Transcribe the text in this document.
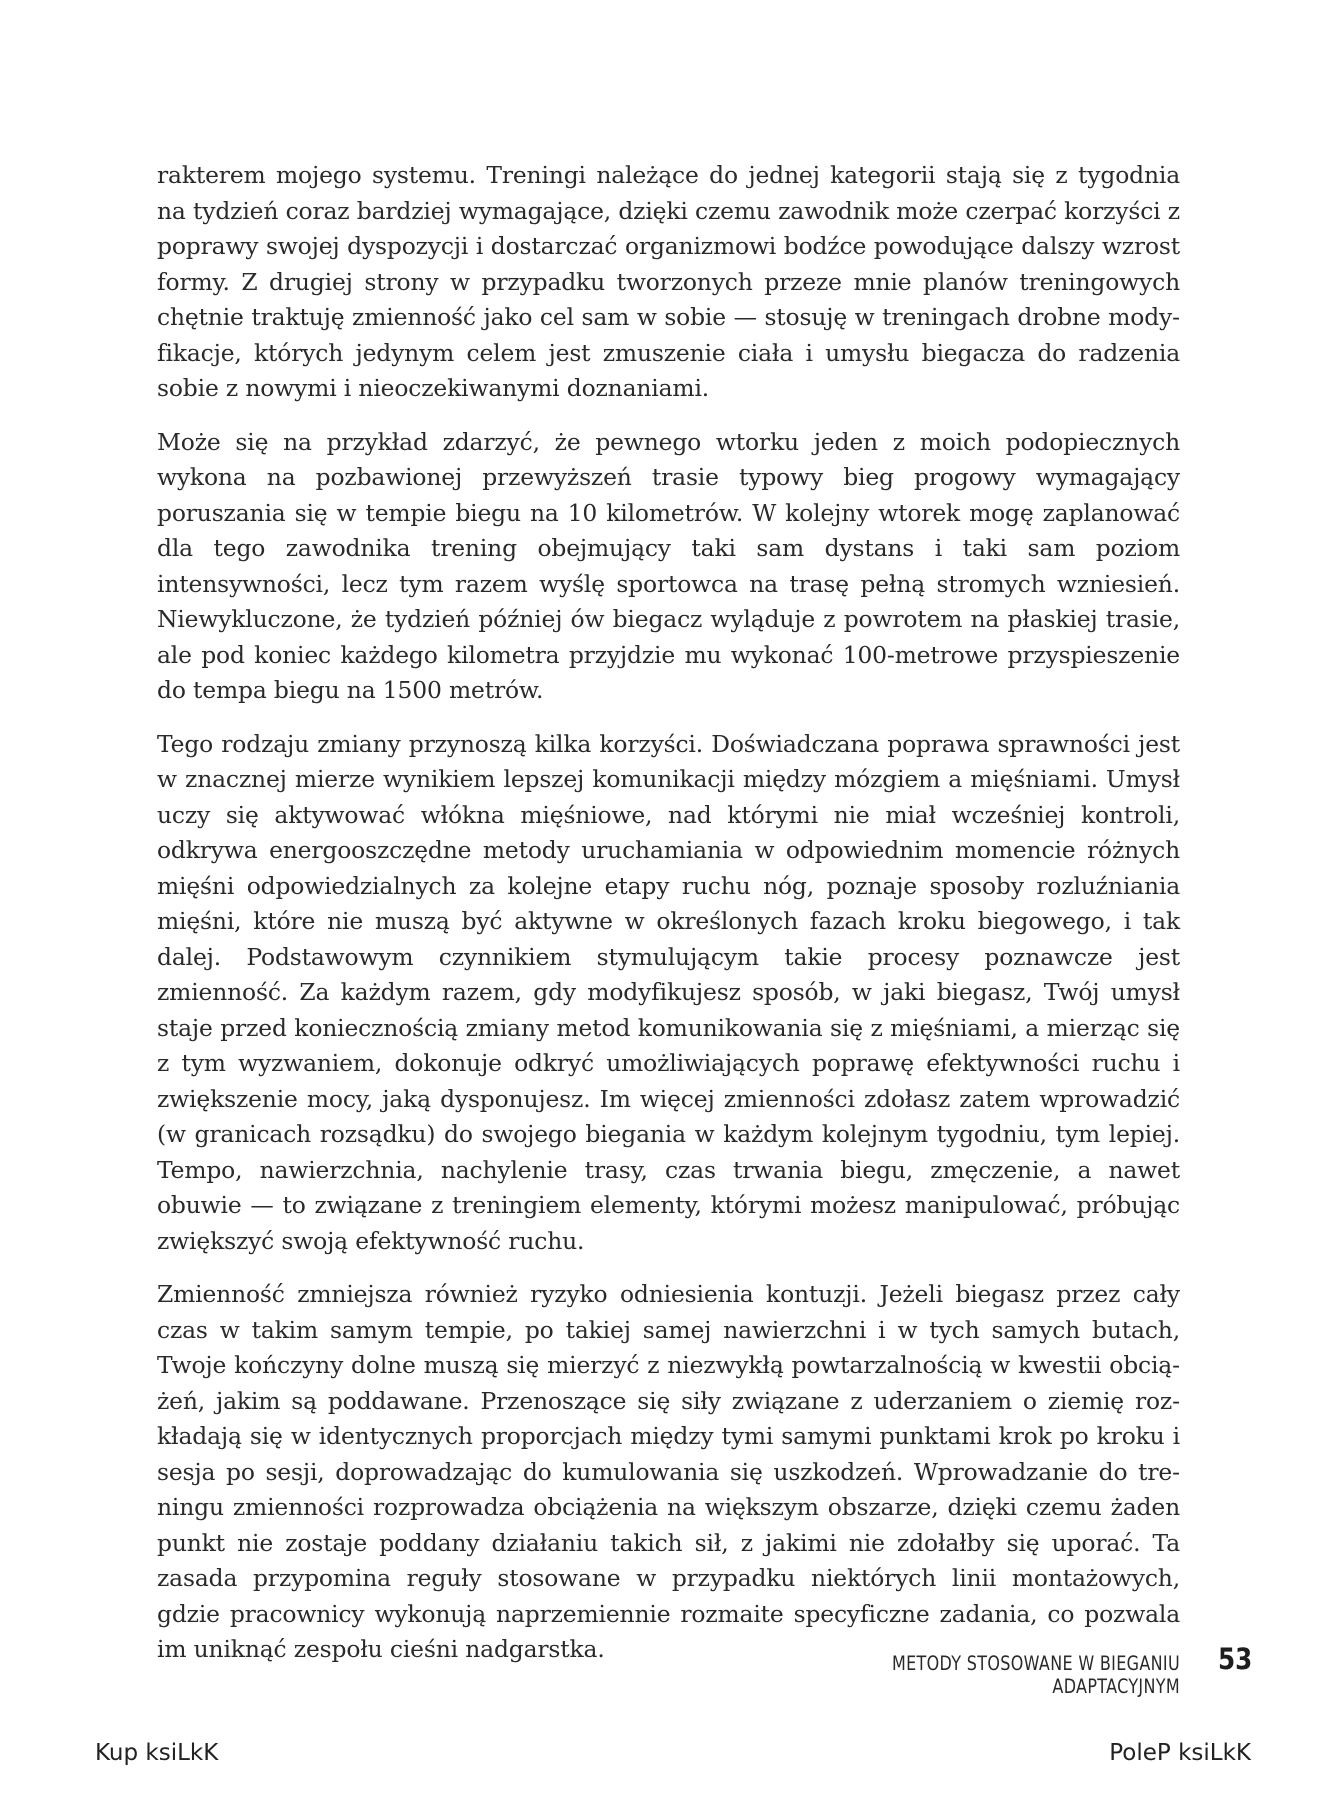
rakterem mojego systemu. Treningi należące do jednej kategorii stają się z tygodnia na tydzień coraz bardziej wymagające, dzięki czemu zawodnik może czerpać korzyści z poprawy swojej dyspozycji i dostarczać organizmowi bodźce powodujące dalszy wzrost formy. Z drugiej strony w przypadku tworzonych przeze mnie planów treningowych chętnie traktuję zmienność jako cel sam w sobie — stosuję w treningach drobne modyfikacje, których jedynym celem jest zmuszenie ciała i umysłu biegacza do radzenia sobie z nowymi i nieoczekiwanymi doznaniami.

Może się na przykład zdarzyć, że pewnego wtorku jeden z moich podopiecznych wykona na pozbawionej przewyższeń trasie typowy bieg progowy wymagający poruszania się w tempie biegu na 10 kilometrów. W kolejny wtorek mogę zaplanować dla tego zawodnika trening obejmujący taki sam dystans i taki sam poziom intensywności, lecz tym razem wyślę sportowca na trasę pełną stromych wzniesień. Niewykluczone, że tydzień później ów biegacz wyląduje z powrotem na płaskiej trasie, ale pod koniec każdego kilometra przyjdzie mu wykonać 100-metrowe przyspieszenie do tempa biegu na 1500 metrów.

Tego rodzaju zmiany przynoszą kilka korzyści. Doświadczana poprawa sprawności jest w znacznej mierze wynikiem lepszej komunikacji między mózgiem a mięśniami. Umysł uczy się aktywować włókna mięśniowe, nad którymi nie miał wcześniej kontroli, odkrywa energooszczędne metody uruchamiania w odpowiednim momencie różnych mięśni odpowiedzialnych za kolejne etapy ruchu nóg, poznaje sposoby rozluźniania mięśni, które nie muszą być aktywne w określonych fazach kroku biegowego, i tak dalej. Podstawowym czynnikiem stymulującym takie procesy poznawcze jest zmienność. Za każdym razem, gdy modyfikujesz sposób, w jaki biegasz, Twój umysł staje przed koniecznością zmiany metod komunikowania się z mięśniami, a mierząc się z tym wyzwaniem, dokonuje odkryć umożliwiających poprawę efektywności ruchu i zwiększenie mocy, jaką dysponujesz. Im więcej zmienności zdołasz zatem wprowadzić (w granicach rozsądku) do swojego biegania w każdym kolejnym tygodniu, tym lepiej. Tempo, nawierzchnia, nachylenie trasy, czas trwania biegu, zmęczenie, a nawet obuwie — to związane z treningiem elementy, którymi możesz manipulować, próbując zwiększyć swoją efektywność ruchu.

Zmienność zmniejsza również ryzyko odniesienia kontuzji. Jeżeli biegasz przez cały czas w takim samym tempie, po takiej samej nawierzchni i w tych samych butach, Twoje kończyny dolne muszą się mierzyć z niezwykłą powtarzalnością w kwestii obciążeń, jakim są poddawane. Przenoszące się siły związane z uderzaniem o ziemię rozkładają się w identycznych proporcjach między tymi samymi punktami krok po kroku i sesja po sesji, doprowadzając do kumulowania się uszkodzeń. Wprowadzanie do treningu zmienności rozprowadza obciążenia na większym obszarze, dzięki czemu żaden punkt nie zostaje poddany działaniu takich sił, z jakimi nie zdołałby się uporać. Ta zasada przypomina reguły stosowane w przypadku niektórych linii montażowych, gdzie pracownicy wykonują naprzemiennie rozmaite specyficzne zadania, co pozwala im uniknąć zespołu cieśni nadgarstka.

METODY STOSOWANE W BIEGANIU ADAPTACYJNYM
53
Kup ksiLkK	PoleP ksiLkK
